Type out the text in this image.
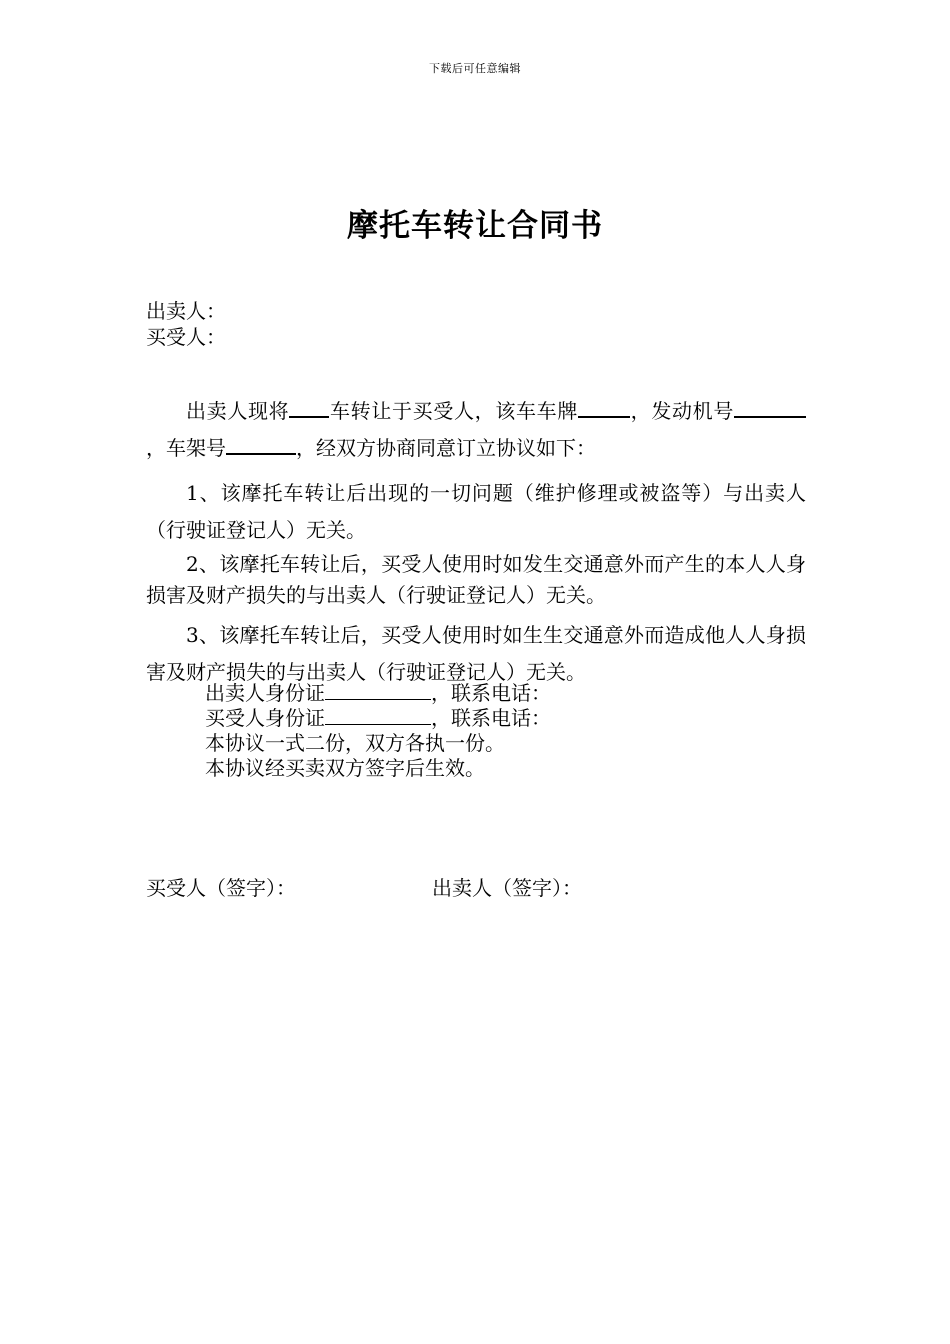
下载后可任意编辑
摩托车转让合同书
出卖人：
买受人：

出卖人现将 车转让于买受人，该车车牌	，发动机号，车架号	，经双方协商同意订立协议如下：

1、该摩托车转让后出现的一切问题（维护修理或被盗等）与出卖人（行驶证登记人）无关。

2、该摩托车转让后，买受人使用时如发生交通意外而产生的本人人身损害及财产损失的与出卖人（行驶证登记人）无关。

3、该摩托车转让后，买受人使用时如生生交通意外而造成他人人身损害及财产损失的与出卖人（行驶证登记人）无关。

出卖人身份证	，联系电话：
买受人身份证	，联系电话：
本协议一式二份，双方各执一份。
本协议经买卖双方签字后生效。
买受人（签字）：	出卖人（签字）：
